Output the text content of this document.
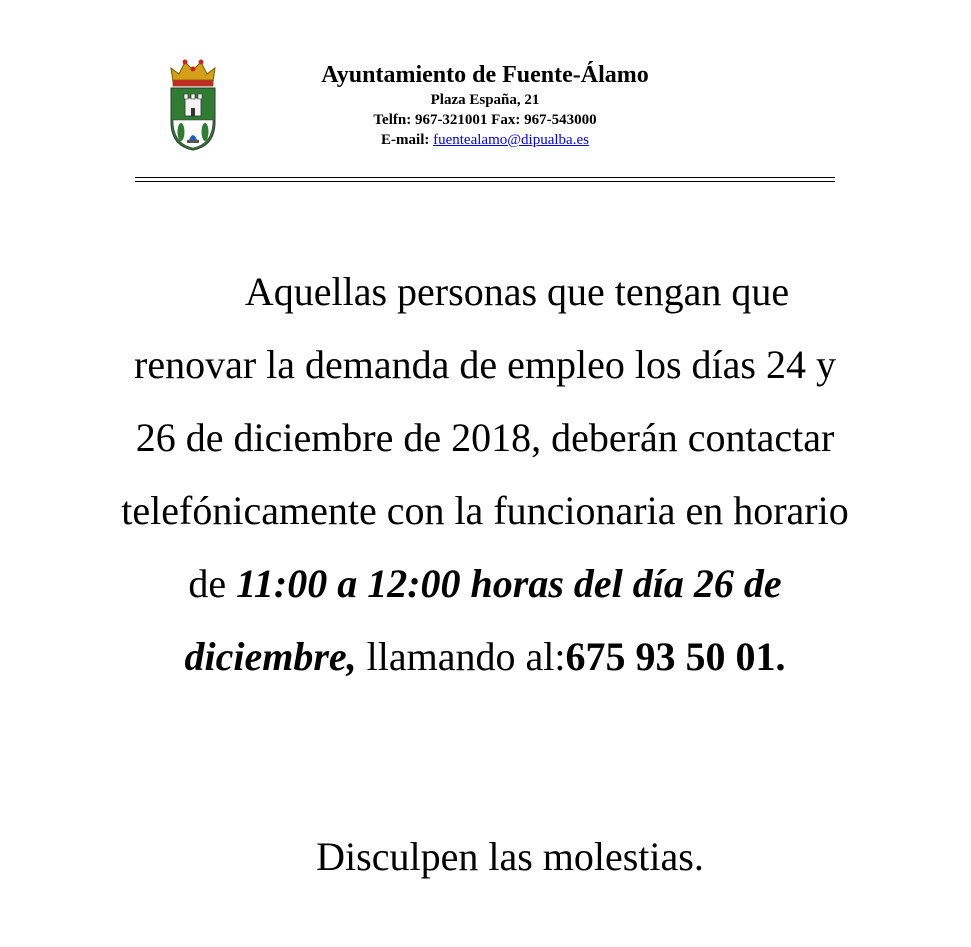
Ayuntamiento de Fuente-Álamo
Plaza España, 21
Telfn: 967-321001 Fax: 967-543000
E-mail: fuentealamo@dipualba.es
Aquellas personas que tengan que renovar la demanda de empleo los días 24 y 26 de diciembre de 2018, deberán contactar telefónicamente con la funcionaria en horario de 11:00 a 12:00 horas del día 26 de diciembre, llamando al:675 93 50 01.
Disculpen las molestias.
